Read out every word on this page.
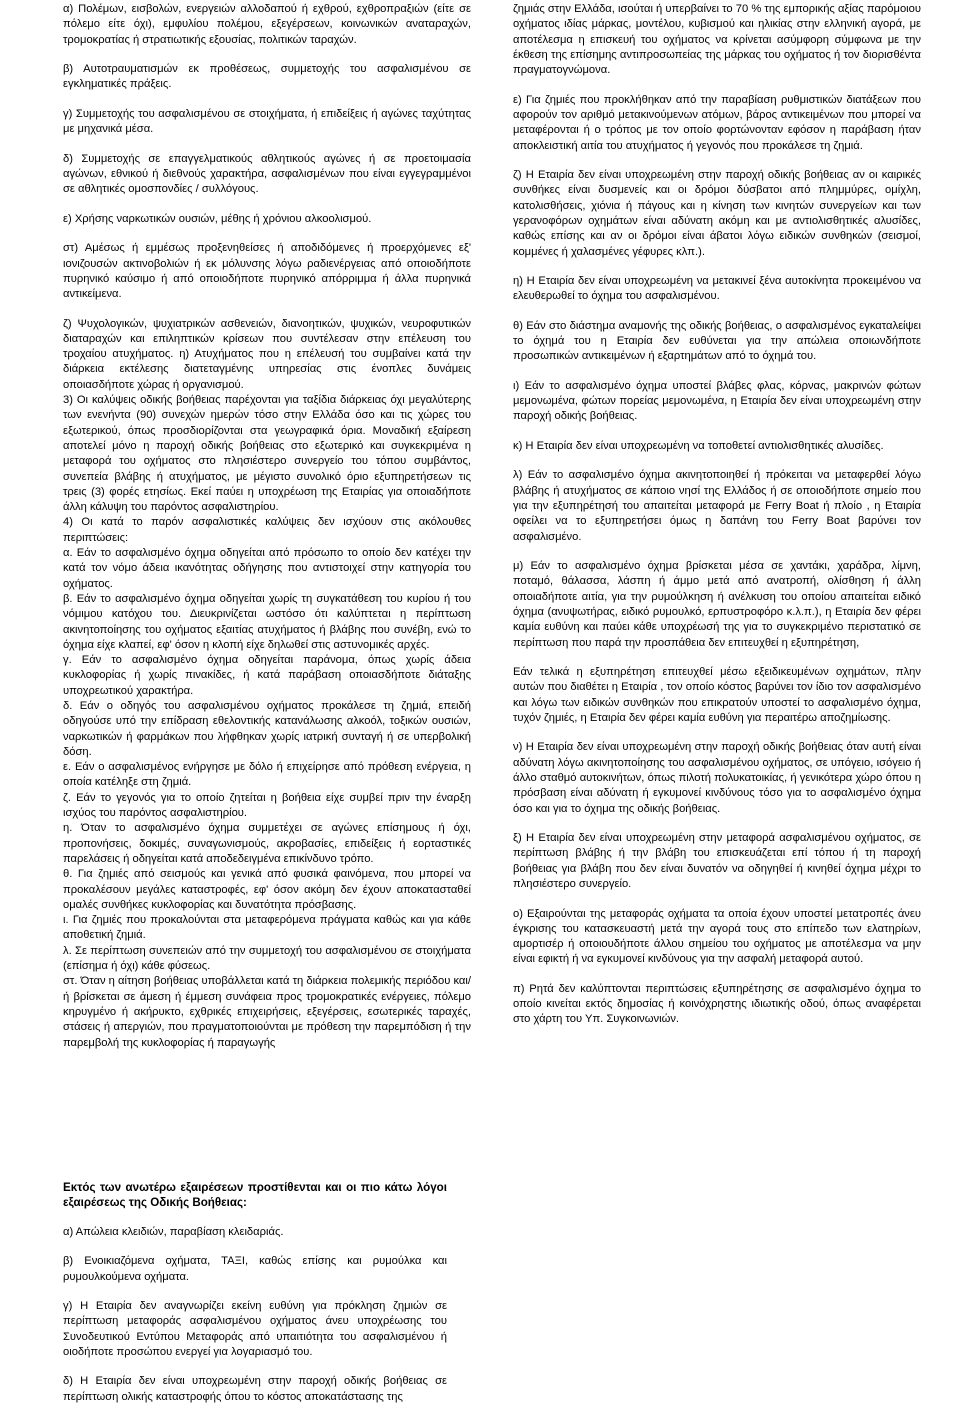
α) Πολέμων, εισβολών, ενεργειών αλλοδαπού ή εχθρού, εχθροπραξιών (είτε σε πόλεμο είτε όχι), εμφυλίου πολέμου, εξεγέρσεων, κοινωνικών αναταραχών, τρομοκρατίας ή στρατιωτικής εξουσίας, πολιτικών ταραχών.

β) Αυτοτραυματισμών εκ προθέσεως, συμμετοχής του ασφαλισμένου σε εγκληματικές πράξεις.

γ) Συμμετοχής του ασφαλισμένου σε στοιχήματα, ή επιδείξεις ή αγώνες ταχύτητας με μηχανικά μέσα.

δ) Συμμετοχής σε επαγγελματικούς αθλητικούς αγώνες ή σε προετοιμασία αγώνων, εθνικού ή διεθνούς χαρακτήρα, ασφαλισμένων που είναι εγγεγραμμένοι σε αθλητικές ομοσπονδίες / συλλόγους.

ε) Χρήσης ναρκωτικών ουσιών, μέθης ή χρόνιου αλκοολισμού.

στ) Αμέσως ή εμμέσως προξενηθείσες ή αποδιδόμενες ή προερχόμενες εξ' ιονιζουσών ακτινοβολιών ή εκ μόλυνσης λόγω ραδιενέργειας από οποιοδήποτε πυρηνικό καύσιμο ή από οποιοδήποτε πυρηνικό απόρριμμα ή άλλα πυρηνικά αντικείμενα.

ζ) Ψυχολογικών, ψυχιατρικών ασθενειών, διανοητικών, ψυχικών, νευροφυτικών διαταραχών και επιληπτικών κρίσεων που συντέλεσαν στην επέλευση του τροχαίου ατυχήματος. η) Ατυχήματος που η επέλευσή του συμβαίνει κατά την διάρκεια εκτέλεσης διατεταγμένης υπηρεσίας στις ένοπλες δυνάμεις οποιασδήποτε χώρας ή οργανισμού.

3) Οι καλύψεις οδικής βοήθειας παρέχονται για ταξίδια διάρκειας όχι μεγαλύτερης των ενενήντα (90) συνεχών ημερών τόσο στην Ελλάδα όσο και τις χώρες του εξωτερικού, όπως προσδιορίζονται στα γεωγραφικά όρια. Μοναδική εξαίρεση αποτελεί μόνο η παροχή οδικής βοήθειας στο εξωτερικό και συγκεκριμένα η μεταφορά του οχήματος στο πλησιέστερο συνεργείο του τόπου συμβάντος, συνεπεία βλάβης ή ατυχήματος, με μέγιστο συνολικό όριο εξυπηρετήσεων τις τρεις (3) φορές ετησίως. Εκεί παύει η υποχρέωση της Εταιρίας για οποιαδήποτε άλλη κάλυψη του παρόντος ασφαλιστηρίου.

4) Οι κατά το παρόν ασφαλιστικές καλύψεις δεν ισχύουν στις ακόλουθες περιπτώσεις:

α. Εάν το ασφαλισμένο όχημα οδηγείται από πρόσωπο το οποίο δεν κατέχει την κατά τον νόμο άδεια ικανότητας οδήγησης που αντιστοιχεί στην κατηγορία του οχήματος.

β. Εάν το ασφαλισμένο όχημα οδηγείται χωρίς τη συγκατάθεση του κυρίου ή του νόμιμου κατόχου του. Διευκρινίζεται ωστόσο ότι καλύπτεται η περίπτωση ακινητοποίησης του οχήματος εξαιτίας ατυχήματος ή βλάβης που συνέβη, ενώ το όχημα είχε κλαπεί, εφ' όσον η κλοπή είχε δηλωθεί στις αστυνομικές αρχές.

γ. Εάν το ασφαλισμένο όχημα οδηγείται παράνομα, όπως χωρίς άδεια κυκλοφορίας ή χωρίς πινακίδες, ή κατά παράβαση οποιασδήποτε διάταξης υποχρεωτικού χαρακτήρα.

δ. Εάν ο οδηγός του ασφαλισμένου οχήματος προκάλεσε τη ζημιά, επειδή οδηγούσε υπό την επίδραση εθελοντικής κατανάλωσης αλκοόλ, τοξικών ουσιών, ναρκωτικών ή φαρμάκων που λήφθηκαν χωρίς ιατρική συνταγή ή σε υπερβολική δόση.

ε. Εάν ο ασφαλισμένος ενήργησε με δόλο ή επιχείρησε από πρόθεση ενέργεια, η οποία κατέληξε στη ζημιά.

ζ. Εάν το γεγονός για το οποίο ζητείται η βοήθεια είχε συμβεί πριν την έναρξη ισχύος του παρόντος ασφαλιστηρίου.

η. Όταν το ασφαλισμένο όχημα συμμετέχει σε αγώνες επίσημους ή όχι, προπονήσεις, δοκιμές, συναγωνισμούς, ακροβασίες, επιδείξεις ή εορταστικές παρελάσεις ή οδηγείται κατά αποδεδειγμένα επικίνδυνο τρόπο.

θ. Για ζημιές από σεισμούς και γενικά από φυσικά φαινόμενα, που μπορεί να προκαλέσουν μεγάλες καταστροφές, εφ' όσον ακόμη δεν έχουν αποκατασταθεί ομαλές συνθήκες κυκλοφορίας και δυνατότητα πρόσβασης.

ι. Για ζημιές που προκαλούνται στα μεταφερόμενα πράγματα καθώς και για κάθε αποθετική ζημιά.

λ. Σε περίπτωση συνεπειών από την συμμετοχή του ασφαλισμένου σε στοιχήματα (επίσημα ή όχι) κάθε φύσεως.

στ. Όταν η αίτηση βοήθειας υποβάλλεται κατά τη διάρκεια πολεμικής περιόδου και/ή βρίσκεται σε άμεση ή έμμεση συνάφεια προς τρομοκρατικές ενέργειες, πόλεμο κηρυγμένο ή ακήρυκτο, εχθρικές επιχειρήσεις, εξεγέρσεις, εσωτερικές ταραχές, στάσεις ή απεργιών, που πραγματοποιούνται με πρόθεση την παρεμπόδιση ή την παρεμβολή της κυκλοφορίας ή παραγωγής

ζημιάς στην Ελλάδα, ισούται ή υπερβαίνει το 70 % της εμπορικής αξίας παρόμοιου οχήματος ιδίας μάρκας, μοντέλου, κυβισμού και ηλικίας στην ελληνική αγορά, με αποτέλεσμα η επισκευή του οχήματος να κρίνεται ασύμφορη σύμφωνα με την έκθεση της επίσημης αντιπροσωπείας της μάρκας του οχήματος ή τον διορισθέντα πραγματογνώμονα.

ε) Για ζημιές που προκλήθηκαν από την παραβίαση ρυθμιστικών διατάξεων που αφορούν τον αριθμό μετακινούμενων ατόμων, βάρος αντικειμένων που μπορεί να μεταφέρονται ή ο τρόπος με τον οποίο φορτώνονταν εφόσον η παράβαση ήταν αποκλειστική αιτία του ατυχήματος ή γεγονός που προκάλεσε τη ζημιά.

ζ) Η Εταιρία δεν είναι υποχρεωμένη στην παροχή οδικής βοήθειας αν οι καιρικές συνθήκες είναι δυσμενείς και οι δρόμοι δύσβατοι από πλημμύρες, ομίχλη, κατολισθήσεις, χιόνια ή πάγους και η κίνηση των κινητών συνεργείων και των γερανοφόρων οχημάτων είναι αδύνατη ακόμη και με αντιολισθητικές αλυσίδες, καθώς επίσης και αν οι δρόμοι είναι άβατοι λόγω ειδικών συνθηκών (σεισμοί, κομμένες ή χαλασμένες γέφυρες κλπ.).

η) Η Εταιρία δεν είναι υποχρεωμένη να μετακινεί ξένα αυτοκίνητα προκειμένου να ελευθερωθεί το όχημα του ασφαλισμένου.

θ) Εάν στο διάστημα αναμονής της οδικής βοήθειας, ο ασφαλισμένος εγκαταλείψει το όχημά του η Εταιρία δεν ευθύνεται για την απώλεια οποιωνδήποτε προσωπικών αντικειμένων ή εξαρτημάτων από το όχημά του.

ι) Εάν το ασφαλισμένο όχημα υποστεί βλάβες φλας, κόρνας, μακρινών φώτων μεμονωμένα, φώτων πορείας μεμονωμένα, η Εταιρία δεν είναι υποχρεωμένη στην παροχή οδικής βοήθειας.

κ) Η Εταιρία δεν είναι υποχρεωμένη να τοποθετεί αντιολισθητικές αλυσίδες.

λ) Εάν το ασφαλισμένο όχημα ακινητοποιηθεί ή πρόκειται να μεταφερθεί λόγω βλάβης ή ατυχήματος σε κάποιο νησί της Ελλάδος ή σε οποιοδήποτε σημείο που για την εξυπηρέτησή του απαιτείται μεταφορά με Ferry Boat ή πλοίο , η Εταιρία οφείλει να το εξυπηρετήσει όμως η δαπάνη του Ferry Boat βαρύνει τον ασφαλισμένο.

μ) Εάν το ασφαλισμένο όχημα βρίσκεται μέσα σε χαντάκι, χαράδρα, λίμνη, ποταμό, θάλασσα, λάσπη ή άμμο μετά από ανατροπή, ολίσθηση ή άλλη οποιαδήποτε αιτία, για την ρυμούλκηση ή ανέλκυση του οποίου απαιτείται ειδικό όχημα (ανυψωτήρας, ειδικό ρυμουλκό, ερπυστροφόρο κ.λ.π.), η Εταιρία δεν φέρει καμία ευθύνη και παύει κάθε υποχρέωσή της για το συγκεκριμένο περιστατικό σε περίπτωση που παρά την προσπάθεια δεν επιτευχθεί η εξυπηρέτηση,

Εάν τελικά η εξυπηρέτηση επιτευχθεί μέσω εξειδικευμένων οχημάτων, πλην αυτών που διαθέτει η Εταιρία , τον οποίο κόστος βαρύνει τον ίδιο τον ασφαλισμένο και λόγω των ειδικών συνθηκών που επικρατούν υποστεί το ασφαλισμένο όχημα, τυχόν ζημιές, η Εταιρία δεν φέρει καμία ευθύνη για περαιτέρω αποζημίωσης.

ν) Η Εταιρία δεν είναι υποχρεωμένη στην παροχή οδικής βοήθειας όταν αυτή είναι αδύνατη λόγω ακινητοποίησης του ασφαλισμένου οχήματος, σε υπόγειο, ισόγειο ή άλλο σταθμό αυτοκινήτων, όπως πιλοτή πολυκατοικίας, ή γενικότερα χώρο όπου η πρόσβαση είναι αδύνατη ή εγκυμονεί κινδύνους τόσο για το ασφαλισμένο όχημα όσο και για το όχημα της οδικής βοήθειας.

ξ) Η Εταιρία δεν είναι υποχρεωμένη στην μεταφορά ασφαλισμένου οχήματος, σε περίπτωση βλάβης ή την βλάβη του επισκευάζεται επί τόπου ή τη παροχή βοήθειας για βλάβη που δεν είναι δυνατόν να οδηγηθεί ή κινηθεί όχημα μέχρι το πλησιέστερο συνεργείο.

ο) Εξαιρούνται της μεταφοράς οχήματα τα οποία έχουν υποστεί μετατροπές άνευ έγκρισης του κατασκευαστή μετά την αγορά τους στο επίπεδο των ελατηρίων, αμορτισέρ ή οποιουδήποτε άλλου σημείου του οχήματος με αποτέλεσμα να μην είναι εφικτή ή να εγκυμονεί κινδύνους για την ασφαλή μεταφορά αυτού.

π) Ρητά δεν καλύπτονται περιπτώσεις εξυπηρέτησης σε ασφαλισμένο όχημα το οποίο κινείται εκτός δημοσίας ή κοινόχρηστης ιδιωτικής οδού, όπως αναφέρεται στο χάρτη του Υπ. Συγκοινωνιών.

Εκτός των ανωτέρω εξαιρέσεων προστίθενται και οι πιο κάτω λόγοι εξαιρέσεως της Οδικής Βοήθειας:

α) Απώλεια κλειδιών, παραβίαση κλειδαριάς.

β) Ενοικιαζόμενα οχήματα, ΤΑΞΙ, καθώς επίσης και ρυμούλκα και ρυμουλκούμενα οχήματα.

γ) Η Εταιρία δεν αναγνωρίζει εκείνη ευθύνη για πρόκληση ζημιών σε περίπτωση μεταφοράς ασφαλισμένου οχήματος άνευ υποχρέωσης του Συνοδευτικού Εντύπου Μεταφοράς από υπαιτιότητα του ασφαλισμένου ή οιοδήποτε προσώπου ενεργεί για λογαριασμό του.

δ) Η Εταιρία δεν είναι υποχρεωμένη στην παροχή οδικής βοήθειας σε περίπτωση ολικής καταστροφής όπου το κόστος αποκατάστασης της
